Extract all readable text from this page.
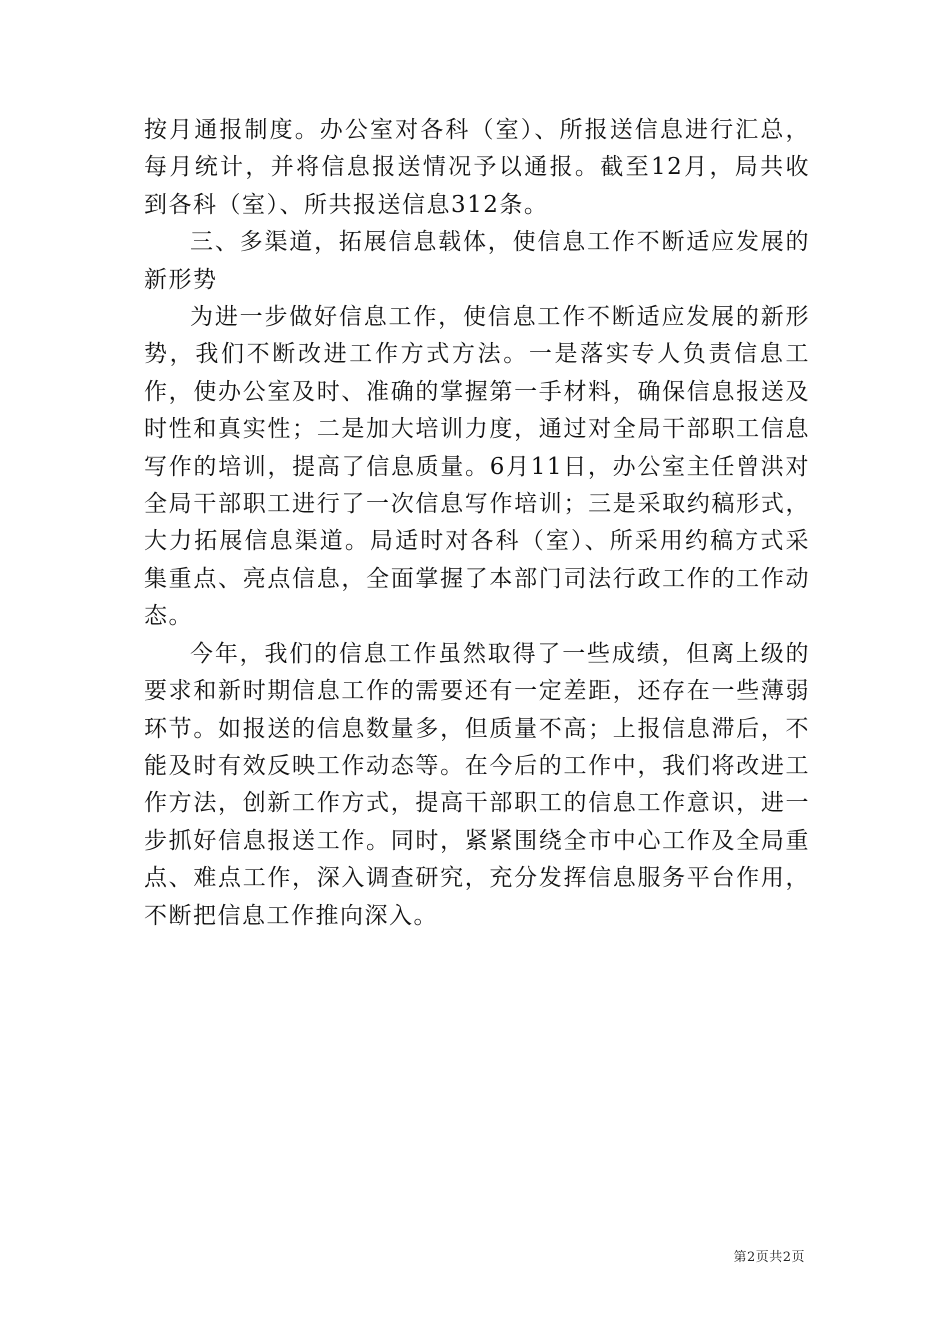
按月通报制度。办公室对各科（室）、所报送信息进行汇总，每月统计，并将信息报送情况予以通报。截至12月，局共收到各科（室）、所共报送信息312条。

三、多渠道，拓展信息载体，使信息工作不断适应发展的新形势

为进一步做好信息工作，使信息工作不断适应发展的新形势，我们不断改进工作方式方法。一是落实专人负责信息工作，使办公室及时、准确的掌握第一手材料，确保信息报送及时性和真实性；二是加大培训力度，通过对全局干部职工信息写作的培训，提高了信息质量。6月11日，办公室主任曾洪对全局干部职工进行了一次信息写作培训；三是采取约稿形式，大力拓展信息渠道。局适时对各科（室）、所采用约稿方式采集重点、亮点信息，全面掌握了本部门司法行政工作的工作动态。

今年，我们的信息工作虽然取得了一些成绩，但离上级的要求和新时期信息工作的需要还有一定差距，还存在一些薄弱环节。如报送的信息数量多，但质量不高；上报信息滞后，不能及时有效反映工作动态等。在今后的工作中，我们将改进工作方法，创新工作方式，提高干部职工的信息工作意识，进一步抓好信息报送工作。同时，紧紧围绕全市中心工作及全局重点、难点工作，深入调查研究，充分发挥信息服务平台作用，不断把信息工作推向深入。

第2页共2页
